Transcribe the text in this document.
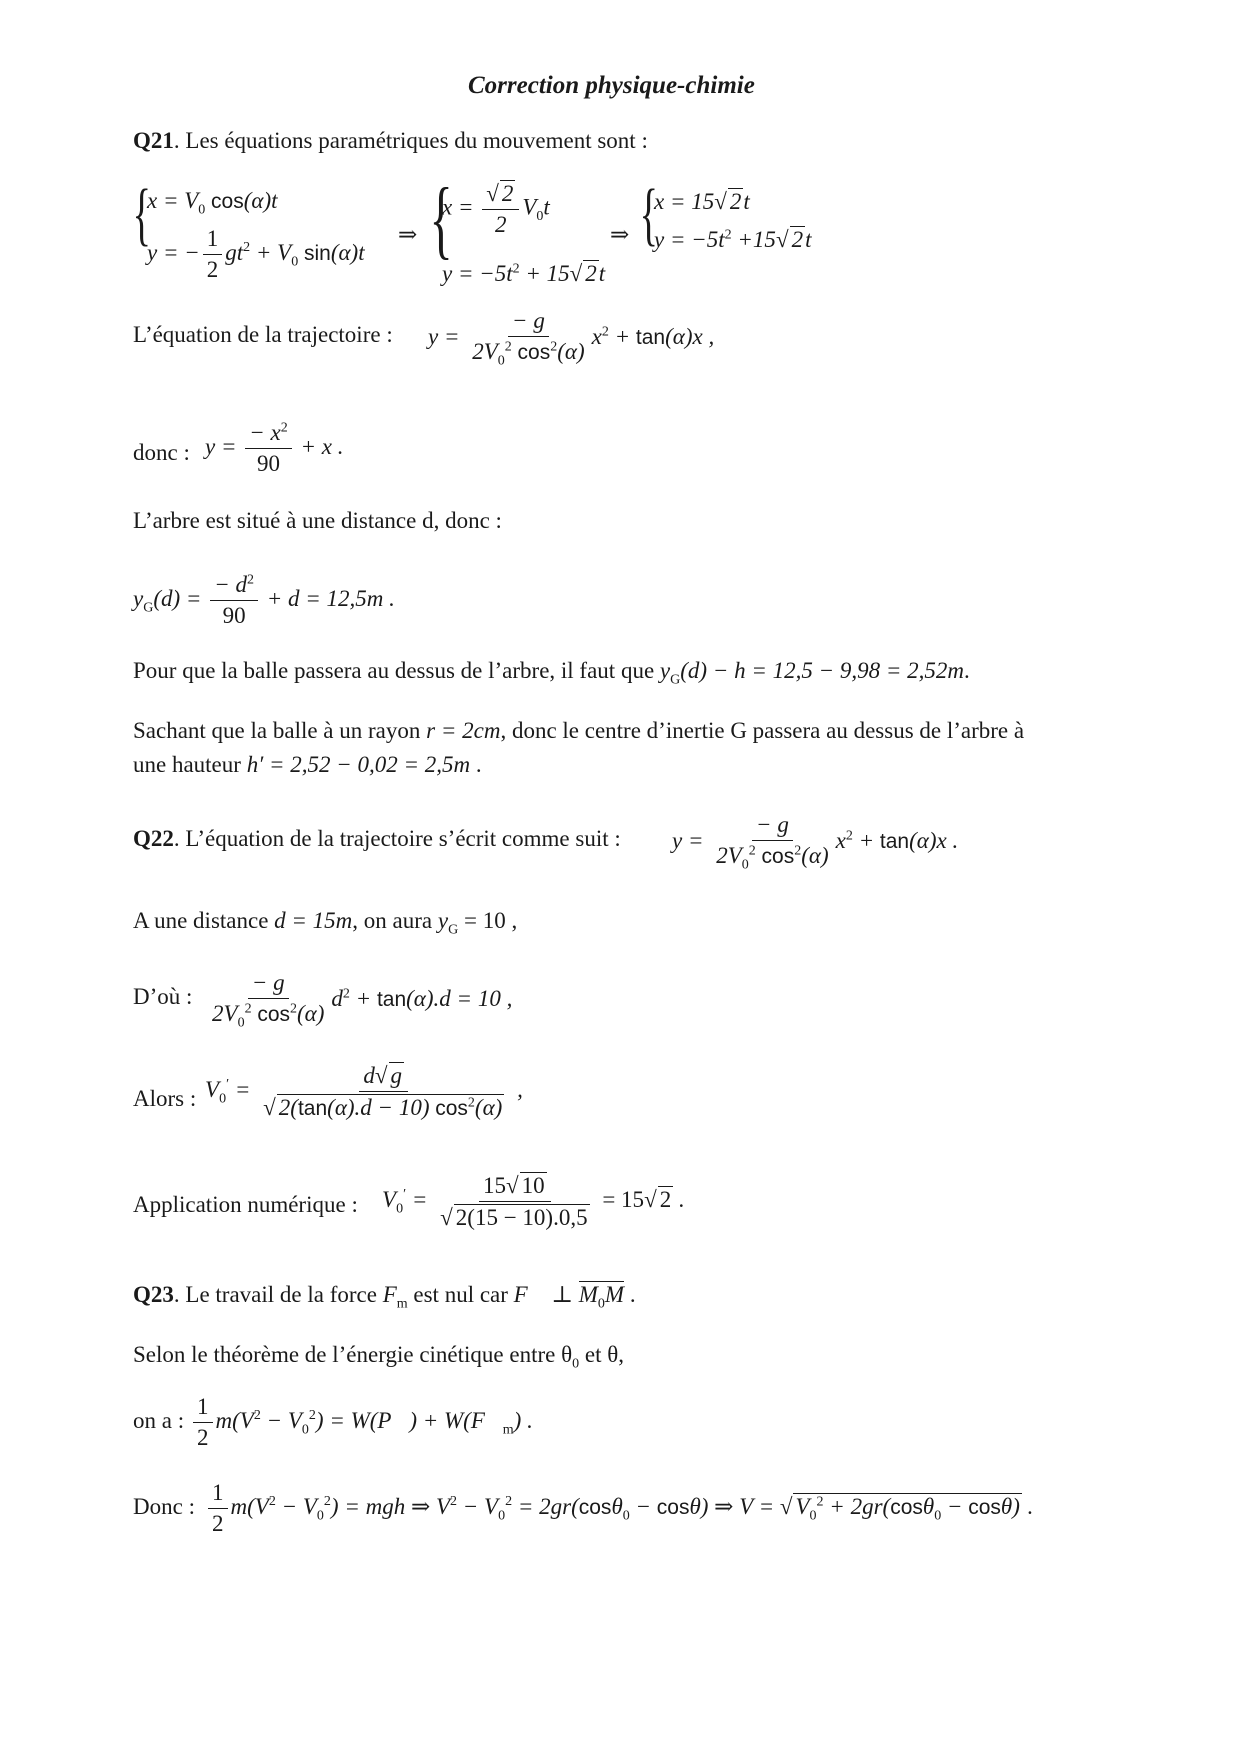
Correction physique-chimie
Q21. Les équations paramétriques du mouvement sont :
{
$x = V_0$ cos(α)t
y = − $\frac{1}{2} gt^2 + V_0$ sin(α)t
⇒ {
$x = \frac{√ 2}{2} V_0t$
$y = -5t^2 + 15√$ 2t
⇒ {
x = 15√ 2t
$y = -5t^2 +15√$ 2t
L’équation de la trajectoire : $y = \frac{- g}{2V_0^2 \cos^2(\alpha)} x^2 + \tan(\alpha)x$ ,
donc : $y = \frac{- x^2}{90} + x$ .
L’arbre est situé à une distance d, donc :
$y_G(d) = \frac{- d^2}{90} + d = 12,5m$ .
Pour que la balle passera au dessus de l’arbre, il faut que $y_G(d) - h = 12,5 - 9,98 = 2,52m$.
Sachant que la balle à un rayon r = 2cm, donc le centre d’inertie G passera au dessus de l’arbre à
une hauteur h′ = 2,52 − 0,02 = 2,5m .
Q22. L’équation de la trajectoire s’écrit comme suit : $y = \frac{- g}{2V_0^2 \cos^2(\alpha)} x^2 + \tan(\alpha)x$ .
A une distance d = 15m, on aura $y_G = 10$ ,
D’où : $\frac{- g}{2V_0^2 \cos^2(\alpha)} d^2 + \tan(\alpha).d = 10$ ,
Alors : $V_0' = \frac{d√ g}{√ 2(\tan(\alpha).d - 10) \cos^2(\alpha)}$ ,
Application numérique : $V_0' = \frac{15√ 10}{√ 2(15 - 10).0,5} = 15√$ 2 .
Q23. Le travail de la force $F_m$ est nul car F⃗ ⊥ $M_0M$ .
Selon le théorème de l’énergie cinétique entre $\theta_0$ et θ,
on a : $\frac{1}{2} m(V^2 - V_0^2)$ = W(P⃗) + $W(F⃗_m)$ .
Donc : $\frac{1}{2} m(V^2 - V_0^2)$ = mgh ⇒ $V^2 - V_0^2 = 2gr(\cos\theta_0 - \cos\theta)$ ⇒ V = √ $V_0^2 + 2gr(\cos\theta_0 - \cos\theta)$ .
